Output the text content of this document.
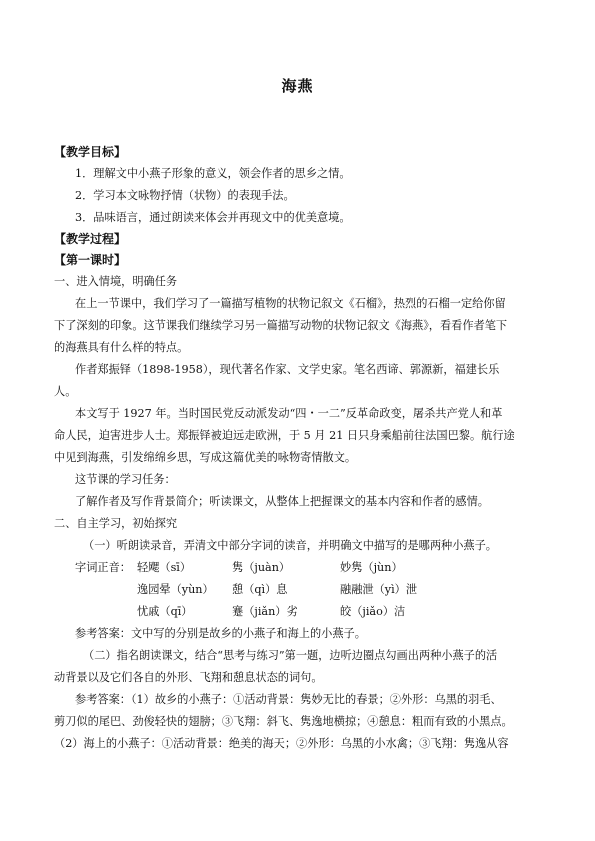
海燕
【教学目标】
1．理解文中小燕子形象的意义，领会作者的思乡之情。
2．学习本文咏物抒情（状物）的表现手法。
3．品味语言，通过朗读来体会并再现文中的优美意境。
【教学过程】
【第一课时】
一、进入情境，明确任务
在上一节课中，我们学习了一篇描写植物的状物记叙文《石榴》，热烈的石榴一定给你留
下了深刻的印象。这节课我们继续学习另一篇描写动物的状物记叙文《海燕》，看看作者笔下
的海燕具有什么样的特点。
作者郑振铎（1898-1958），现代著名作家、文学史家。笔名西谛、郭源新，福建长乐
人。
本文写于 1927 年。当时国民党反动派发动“四・一二”反革命政变，屠杀共产党人和革
命人民，迫害进步人士。郑振铎被迫远走欧洲，于 5 月 21 日只身乘船前往法国巴黎。航行途
中见到海燕，引发绵绵乡思，写成这篇优美的咏物寄情散文。
这节课的学习任务：
了解作者及写作背景简介；听读课文，从整体上把握课文的基本内容和作者的感情。
二、自主学习，初始探究
（一）听朗读录音，弄清文中部分字词的读音，并明确文中描写的是哪两种小燕子。
字词正音： 轻飔（sī）	隽（juàn）	妙隽（jùn）
逸园晕（yùn） 憩（qì）息	融融泄（yì）泄
忧戚（qī）	蹇（jiǎn）劣	皎（jiǎo）洁
参考答案：文中写的分别是故乡的小燕子和海上的小燕子。
（二）指名朗读课文，结合“思考与练习”第一题，边听边圈点勾画出两种小燕子的活
动背景以及它们各自的外形、飞翔和憩息状态的词句。
参考答案：（1）故乡的小燕子：①活动背景：隽妙无比的春景；②外形：乌黑的羽毛、
剪刀似的尾巴、劲俊轻快的翅膀；③飞翔：斜飞、隽逸地横掠；④憩息：粗而有致的小黑点。
（2）海上的小燕子：①活动背景：绝美的海天；②外形：乌黑的小水禽；③飞翔：隽逸从容
